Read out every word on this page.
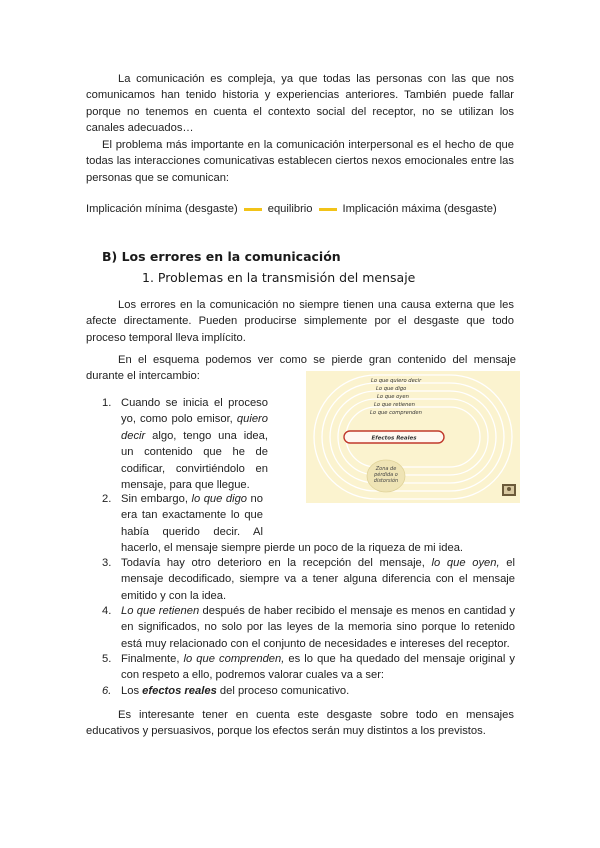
La comunicación es compleja, ya que todas las personas con las que nos comunicamos han tenido historia y experiencias anteriores. También puede fallar porque no tenemos en cuenta el contexto social del receptor, no se utilizan los canales adecuados…

El problema más importante en la comunicación interpersonal es el hecho de que todas las interacciones comunicativas establecen ciertos nexos emocionales entre las personas que se comunican:

Implicación mínima (desgaste)	equilibrio	Implicación máxima (desgaste)
B) Los errores en la comunicación
1. Problemas en la transmisión del mensaje

Los errores en la comunicación no siempre tienen una causa externa que les afecte directamente. Pueden producirse simplemente por el desgaste que todo proceso temporal lleva implícito.

En el esquema podemos ver como se pierde gran contenido del mensaje durante el intercambio:	Lo que quiero decir
Lo que digo
Lo que oyen
Lo que retienen
Lo que comprenden
Efectos Reales
Zona de pérdida o distorsión
1. Cuando se inicia el proceso yo, como polo emisor, quiero decir algo, tengo una idea, un contenido que he de codificar, convirtiéndolo en mensaje, para que llegue.
2. Sin embargo, lo que digo no era tan exactamente lo que había querido decir. Al hacerlo, el mensaje siempre pierde un poco de la riqueza de mi idea.
3. Todavía hay otro deterioro en la recepción del mensaje, lo que oyen, el mensaje decodificado, siempre va a tener alguna diferencia con el mensaje emitido y con la idea.
4. Lo que retienen después de haber recibido el mensaje es menos en cantidad y en significados, no solo por las leyes de la memoria sino porque lo retenido está muy relacionado con el conjunto de necesidades e intereses del receptor.
5. Finalmente, lo que comprenden, es lo que ha quedado del mensaje original y con respeto a ello, podremos valorar cuales va a ser:
6. Los efectos reales del proceso comunicativo.

Es interesante tener en cuenta este desgaste sobre todo en mensajes educativos y persuasivos, porque los efectos serán muy distintos a los previstos.
